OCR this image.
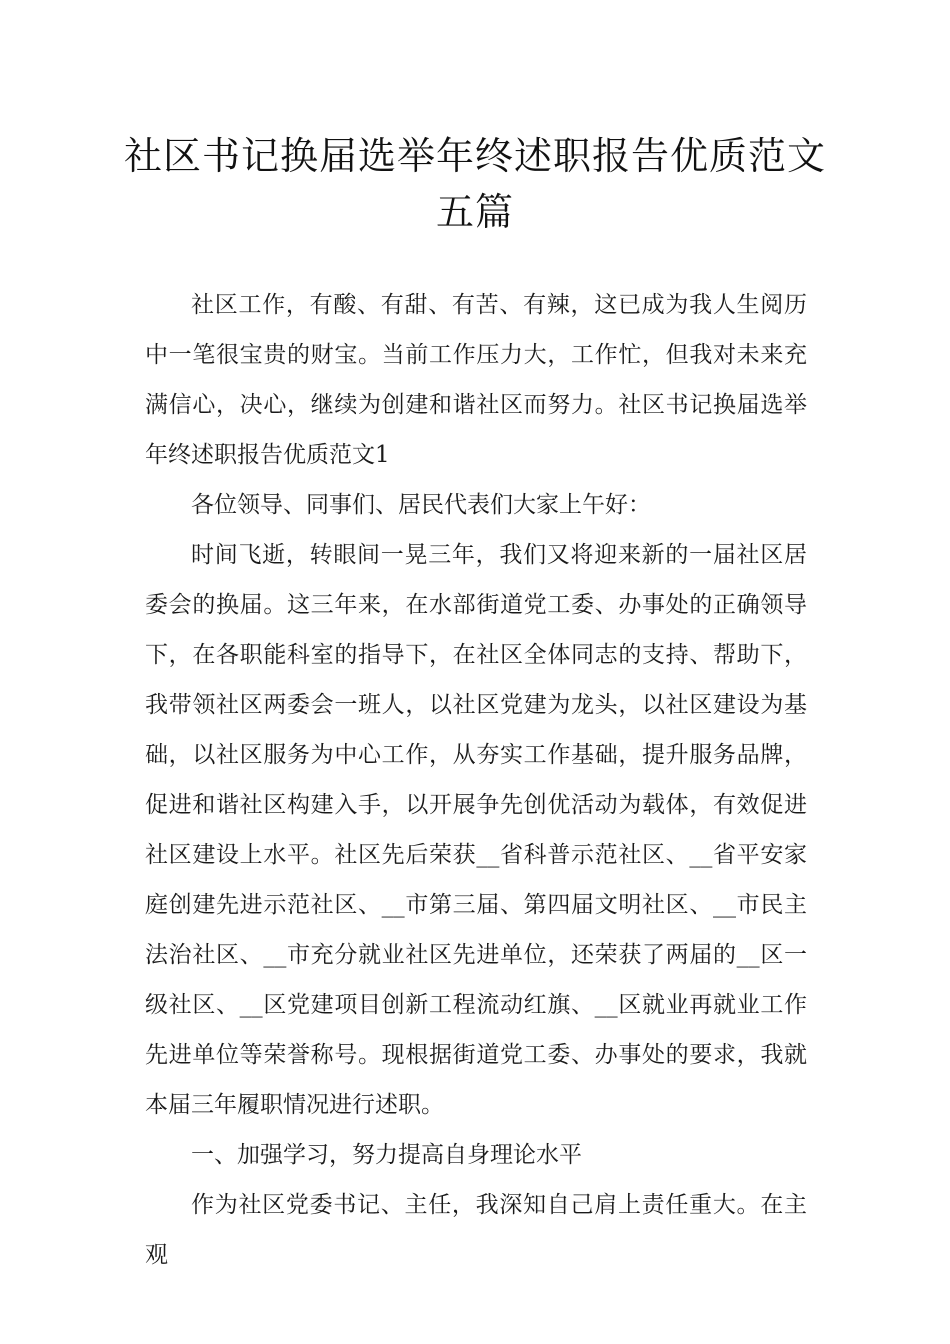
社区书记换届选举年终述职报告优质范文五篇

社区工作，有酸、有甜、有苦、有辣，这已成为我人生阅历中一笔很宝贵的财宝。当前工作压力大，工作忙，但我对未来充满信心，决心，继续为创建和谐社区而努力。社区书记换届选举年终述职报告优质范文1

各位领导、同事们、居民代表们大家上午好：

时间飞逝，转眼间一晃三年，我们又将迎来新的一届社区居委会的换届。这三年来，在水部街道党工委、办事处的正确领导下，在各职能科室的指导下，在社区全体同志的支持、帮助下，我带领社区两委会一班人，以社区党建为龙头，以社区建设为基础，以社区服务为中心工作，从夯实工作基础，提升服务品牌，促进和谐社区构建入手，以开展争先创优活动为载体，有效促进社区建设上水平。社区先后荣获__省科普示范社区、__省平安家庭创建先进示范社区、__市第三届、第四届文明社区、__市民主法治社区、__市充分就业社区先进单位，还荣获了两届的__区一级社区、__区党建项目创新工程流动红旗、__区就业再就业工作先进单位等荣誉称号。现根据街道党工委、办事处的要求，我就本届三年履职情况进行述职。

一、加强学习，努力提高自身理论水平

作为社区党委书记、主任，我深知自己肩上责任重大。在主观
